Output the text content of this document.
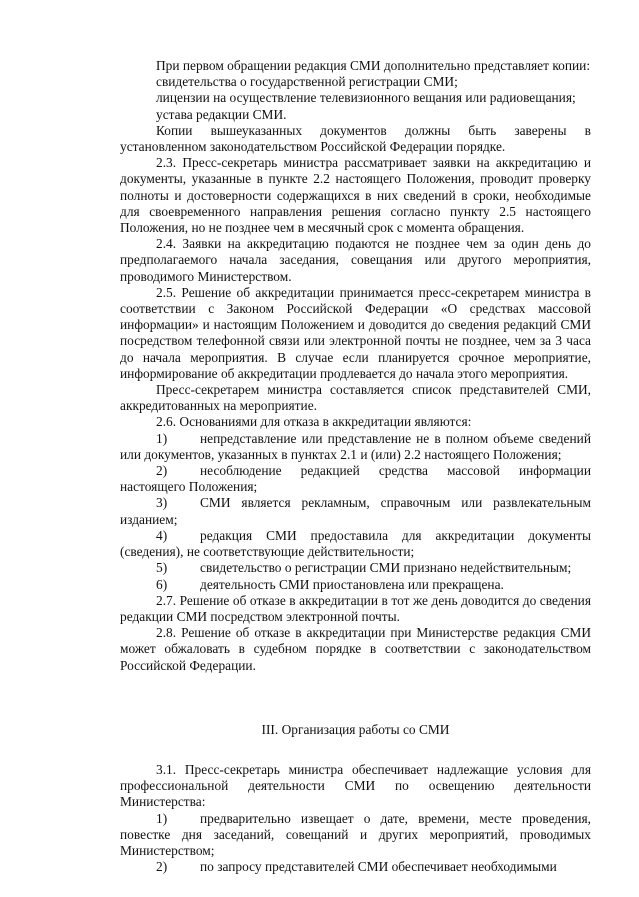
При первом обращении редакция СМИ дополнительно представляет копии:

свидетельства о государственной регистрации СМИ;

лицензии на осуществление телевизионного вещания или радиовещания;

устава редакции СМИ.

Копии вышеуказанных документов должны быть заверены в установленном законодательством Российской Федерации порядке.

2.3. Пресс-секретарь министра рассматривает заявки на аккредитацию и документы, указанные в пункте 2.2 настоящего Положения, проводит проверку полноты и достоверности содержащихся в них сведений в сроки, необходимые для своевременного направления решения согласно пункту 2.5 настоящего Положения, но не позднее чем в месячный срок с момента обращения.

2.4. Заявки на аккредитацию подаются не позднее чем за один день до предполагаемого начала заседания, совещания или другого мероприятия, проводимого Министерством.

2.5. Решение об аккредитации принимается пресс-секретарем министра в соответствии с Законом Российской Федерации «О средствах массовой информации» и настоящим Положением и доводится до сведения редакций СМИ посредством телефонной связи или электронной почты не позднее, чем за 3 часа до начала мероприятия. В случае если планируется срочное мероприятие, информирование об аккредитации продлевается до начала этого мероприятия.

Пресс-секретарем министра составляется список представителей СМИ, аккредитованных на мероприятие.

2.6. Основаниями для отказа в аккредитации являются:

1) непредставление или представление не в полном объеме сведений или документов, указанных в пунктах 2.1 и (или) 2.2 настоящего Положения;

2) несоблюдение редакцией средства массовой информации настоящего Положения;

3) СМИ является рекламным, справочным или развлекательным изданием;

4) редакция СМИ предоставила для аккредитации документы (сведения), не соответствующие действительности;

5) свидетельство о регистрации СМИ признано недействительным;

6) деятельность СМИ приостановлена или прекращена.

2.7. Решение об отказе в аккредитации в тот же день доводится до сведения редакции СМИ посредством электронной почты.

2.8. Решение об отказе в аккредитации при Министерстве редакция СМИ может обжаловать в судебном порядке в соответствии с законодательством Российской Федерации.

III. Организация работы со СМИ

3.1. Пресс-секретарь министра обеспечивает надлежащие условия для профессиональной деятельности СМИ по освещению деятельности Министерства:

1) предварительно извещает о дате, времени, месте проведения, повестке дня заседаний, совещаний и других мероприятий, проводимых Министерством;

2) по запросу представителей СМИ обеспечивает необходимыми
